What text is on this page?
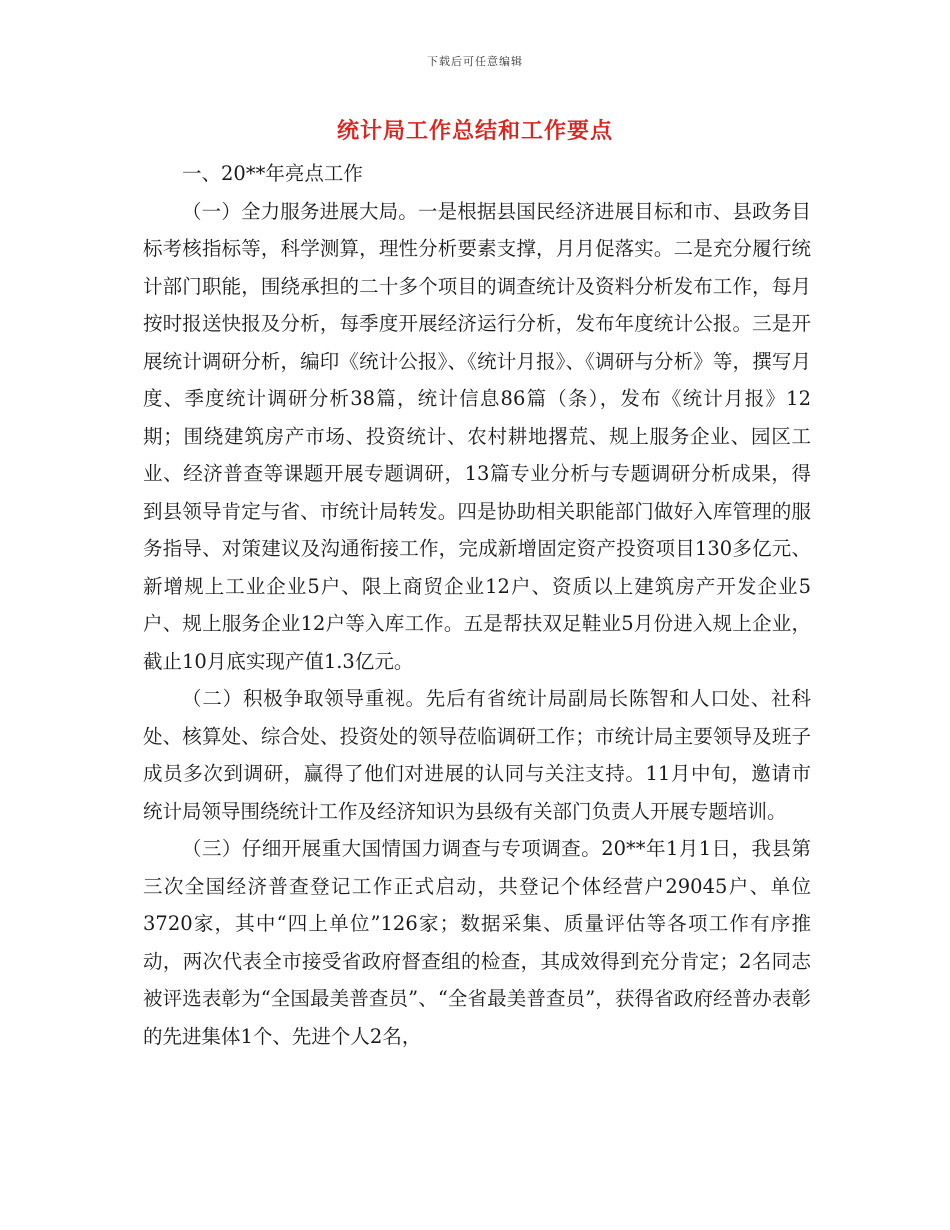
下载后可任意编辑
统计局工作总结和工作要点

一、20**年亮点工作

（一）全力服务进展大局。一是根据县国民经济进展目标和市、县政务目标考核指标等，科学测算，理性分析要素支撑，月月促落实。二是充分履行统计部门职能，围绕承担的二十多个项目的调查统计及资料分析发布工作，每月按时报送快报及分析，每季度开展经济运行分析，发布年度统计公报。三是开展统计调研分析，编印《统计公报》、《统计月报》、《调研与分析》等，撰写月度、季度统计调研分析38篇，统计信息86篇（条），发布《统计月报》12期；围绕建筑房产市场、投资统计、农村耕地撂荒、规上服务企业、园区工业、经济普查等课题开展专题调研，13篇专业分析与专题调研分析成果，得到县领导肯定与省、市统计局转发。四是协助相关职能部门做好入库管理的服务指导、对策建议及沟通衔接工作，完成新增固定资产投资项目130多亿元、新增规上工业企业5户、限上商贸企业12户、资质以上建筑房产开发企业5户、规上服务企业12户等入库工作。五是帮扶双足鞋业5月份进入规上企业，截止10月底实现产值1.3亿元。

（二）积极争取领导重视。先后有省统计局副局长陈智和人口处、社科处、核算处、综合处、投资处的领导莅临调研工作；市统计局主要领导及班子成员多次到调研，赢得了他们对进展的认同与关注支持。11月中旬，邀请市统计局领导围绕统计工作及经济知识为县级有关部门负责人开展专题培训。

（三）仔细开展重大国情国力调查与专项调查。20**年1月1日，我县第三次全国经济普查登记工作正式启动，共登记个体经营户29045户、单位3720家，其中“四上单位”126家；数据采集、质量评估等各项工作有序推动，两次代表全市接受省政府督查组的检查，其成效得到充分肯定；2名同志被评选表彰为“全国最美普查员”、“全省最美普查员”，获得省政府经普办表彰的先进集体1个、先进个人2名，
